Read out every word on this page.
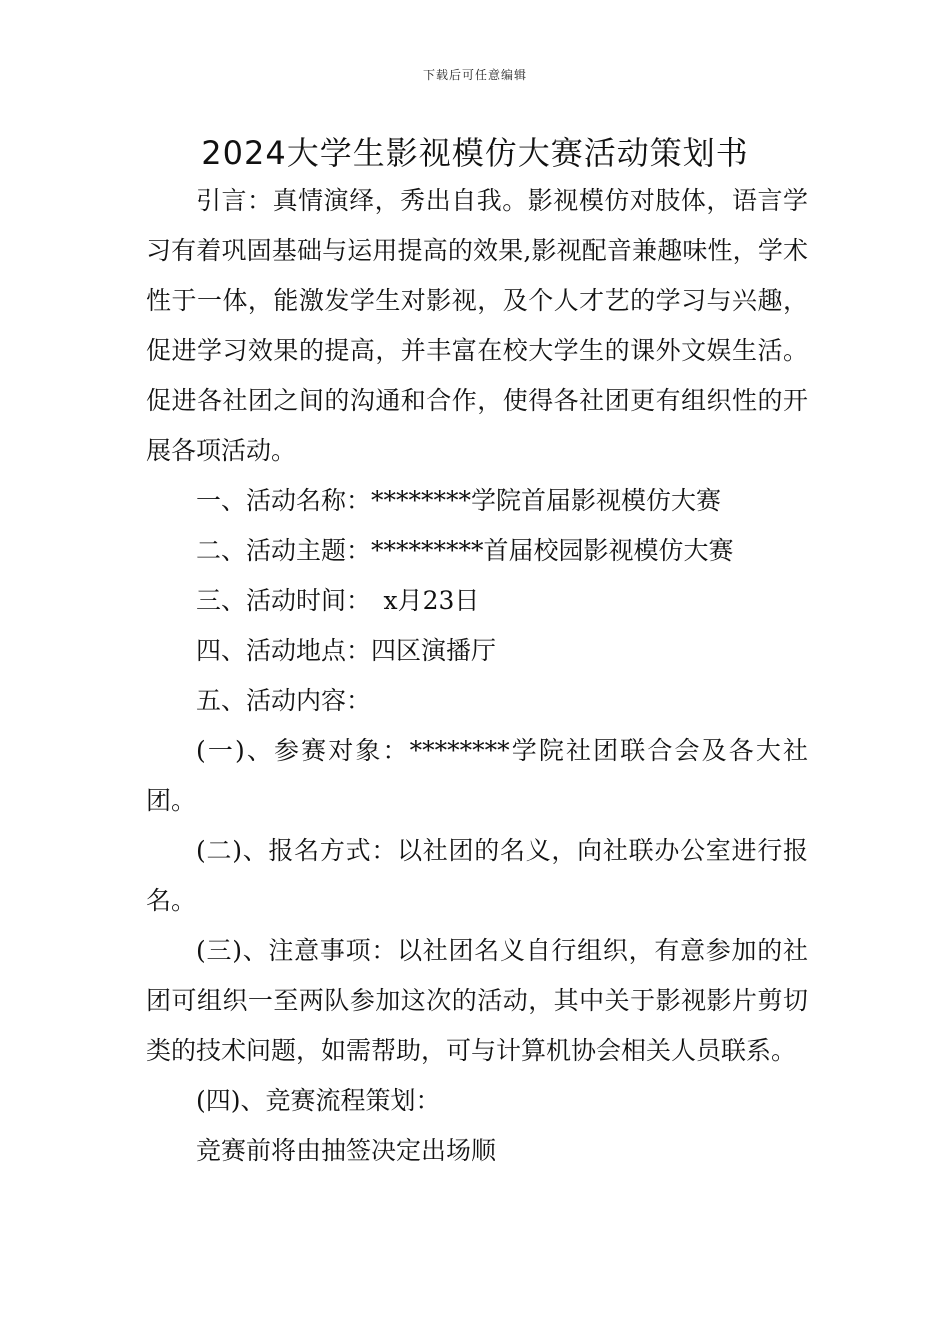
下载后可任意编辑
2024大学生影视模仿大赛活动策划书

引言：真情演绎，秀出自我。影视模仿对肢体，语言学习有着巩固基础与运用提高的效果,影视配音兼趣味性，学术性于一体，能激发学生对影视，及个人才艺的学习与兴趣，促进学习效果的提高，并丰富在校大学生的课外文娱生活。促进各社团之间的沟通和合作，使得各社团更有组织性的开展各项活动。

一、活动名称：********学院首届影视模仿大赛

二、活动主题：*********首届校园影视模仿大赛

三、活动时间：　x月23日

四、活动地点：四区演播厅

五、活动内容：

(一)、参赛对象：********学院社团联合会及各大社团。

(二)、报名方式：以社团的名义，向社联办公室进行报名。

(三)、注意事项：以社团名义自行组织，有意参加的社团可组织一至两队参加这次的活动，其中关于影视影片剪切类的技术问题，如需帮助，可与计算机协会相关人员联系。

(四)、竞赛流程策划：

竞赛前将由抽签决定出场顺
